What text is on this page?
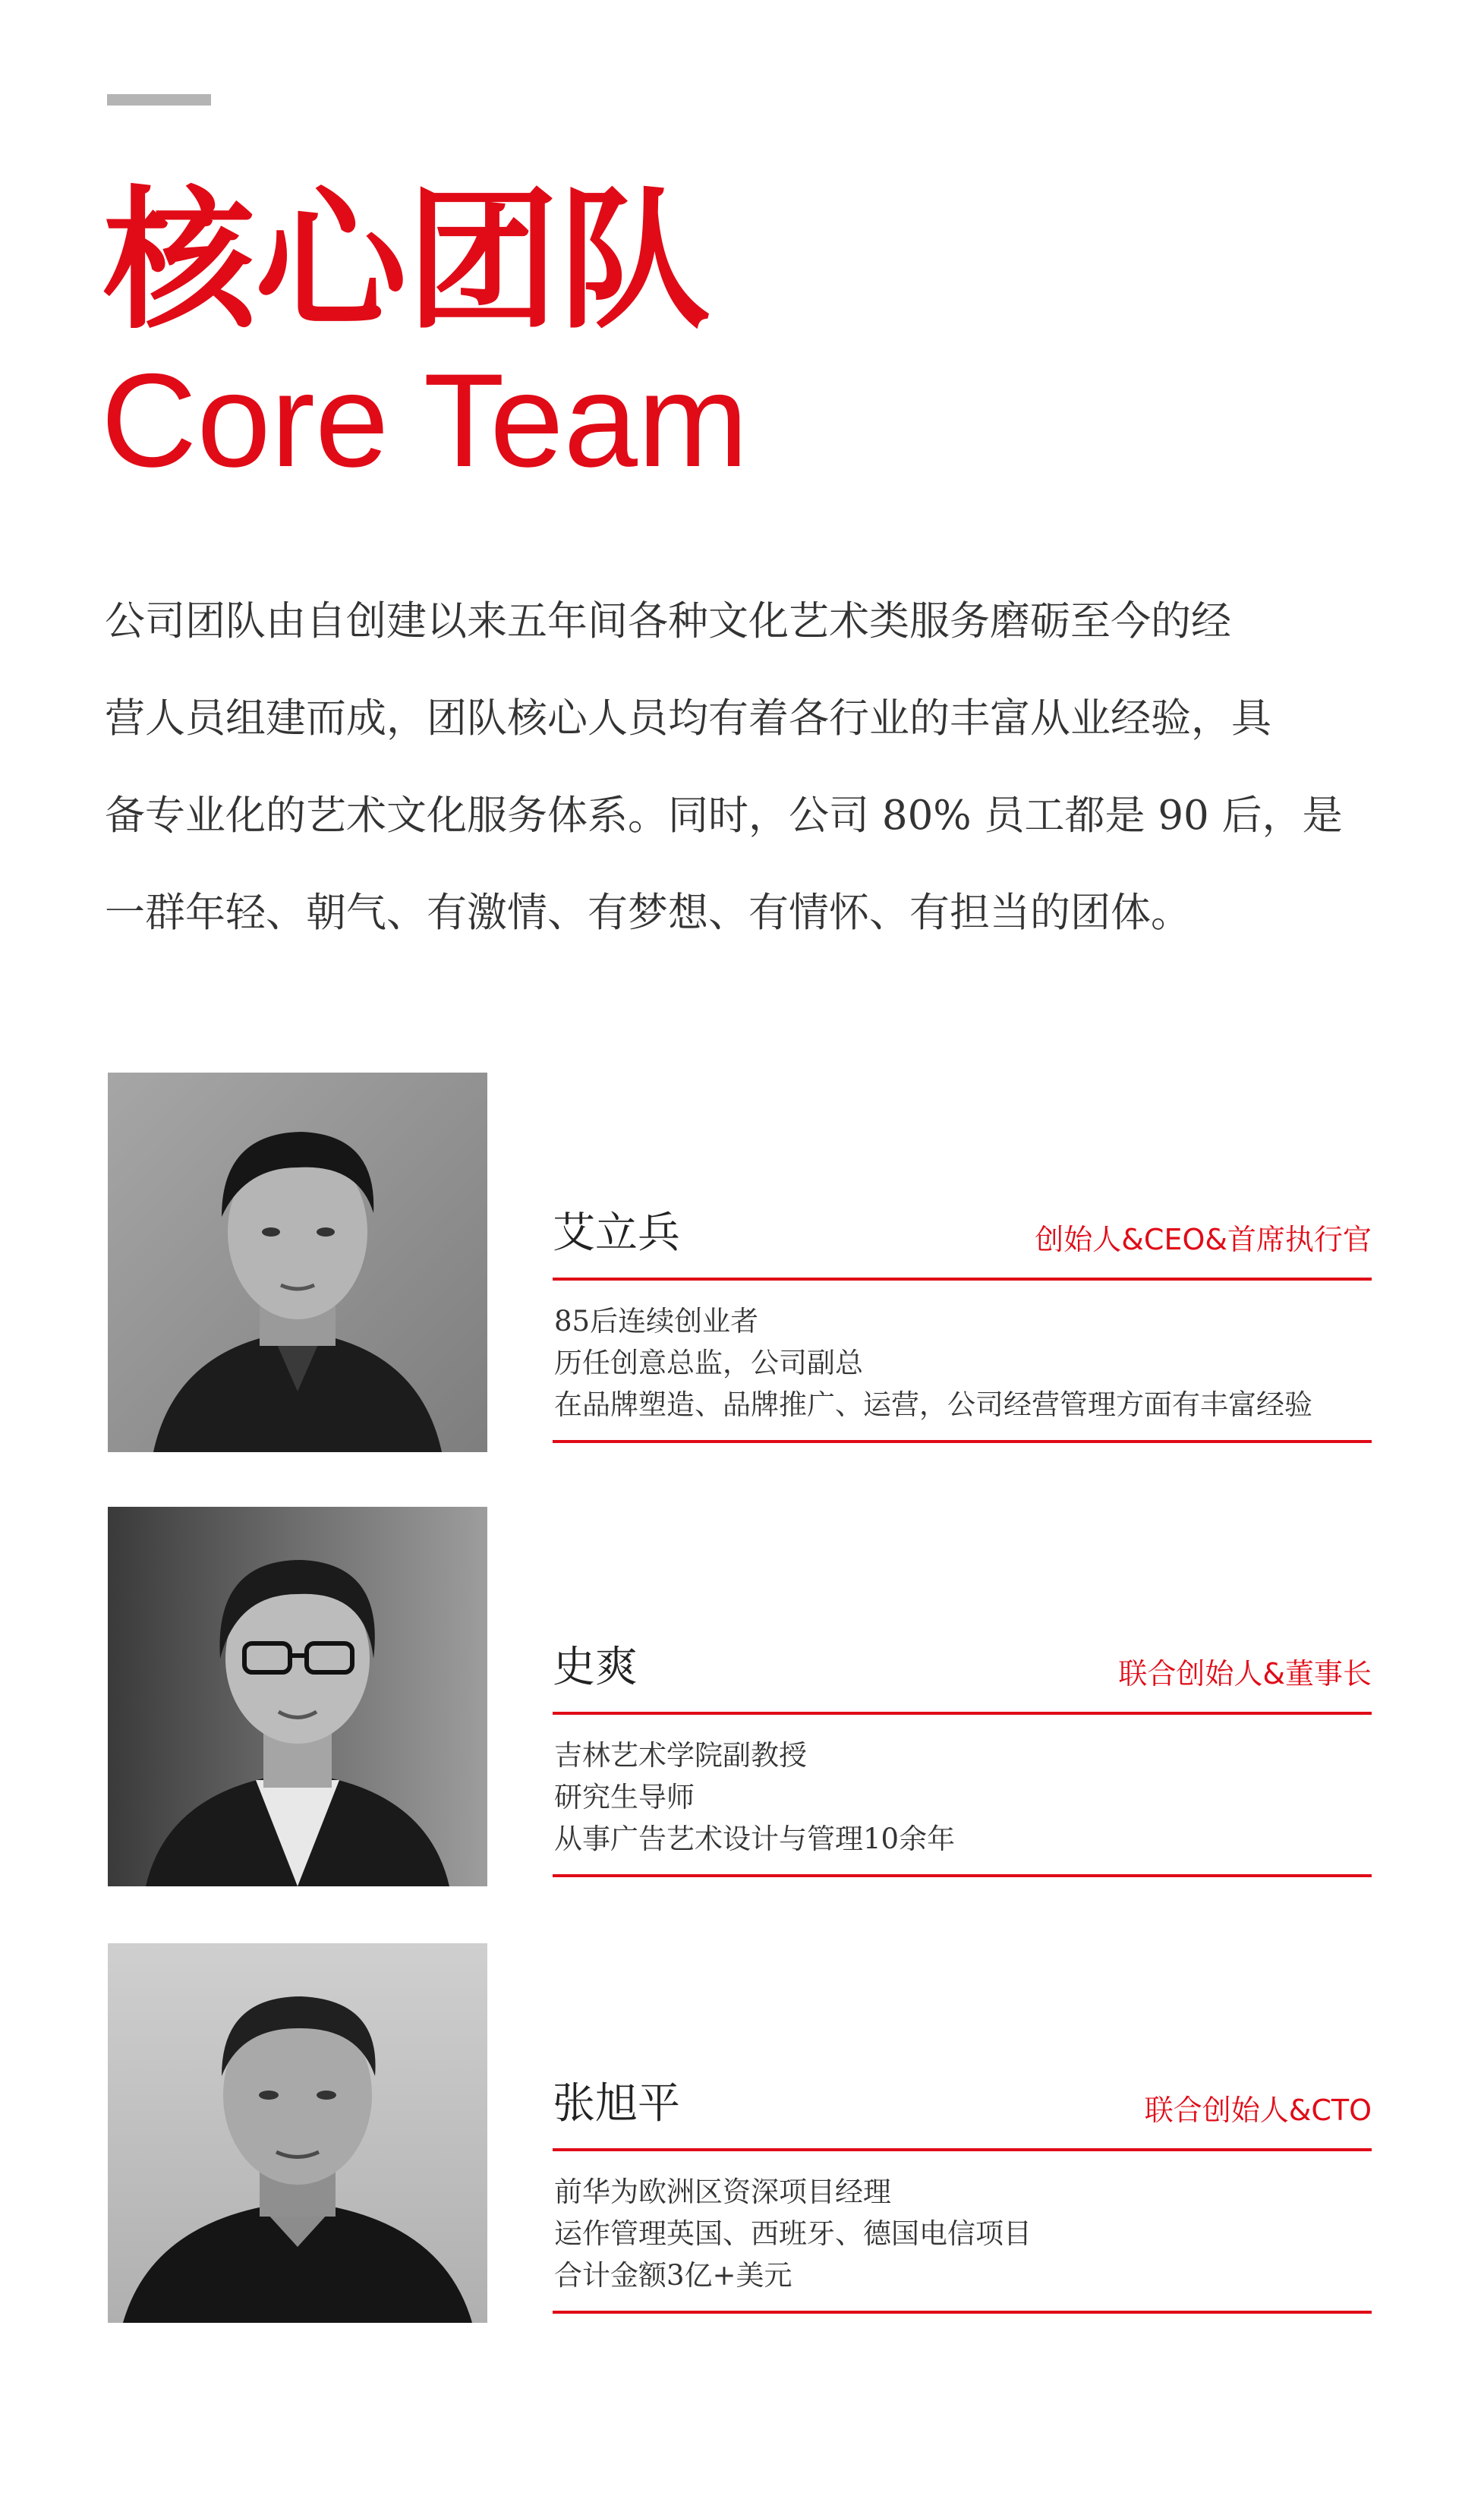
核心团队
Core Team

公司团队由自创建以来五年间各种文化艺术类服务磨砺至今的经
营人员组建而成，团队核心人员均有着各行业的丰富从业经验，具
备专业化的艺术文化服务体系。同时，公司 80% 员工都是 90 后，是
一群年轻、朝气、有激情、有梦想、有情怀、有担当的团体。

艾立兵	创始人&CEO&首席执行官
85后连续创业者
历任创意总监，公司副总
在品牌塑造、品牌推广、运营，公司经营管理方面有丰富经验
史爽	联合创始人&董事长
吉林艺术学院副教授
研究生导师
从事广告艺术设计与管理10余年
张旭平	联合创始人&CTO
前华为欧洲区资深项目经理
运作管理英国、西班牙、德国电信项目
合计金额3亿+美元
